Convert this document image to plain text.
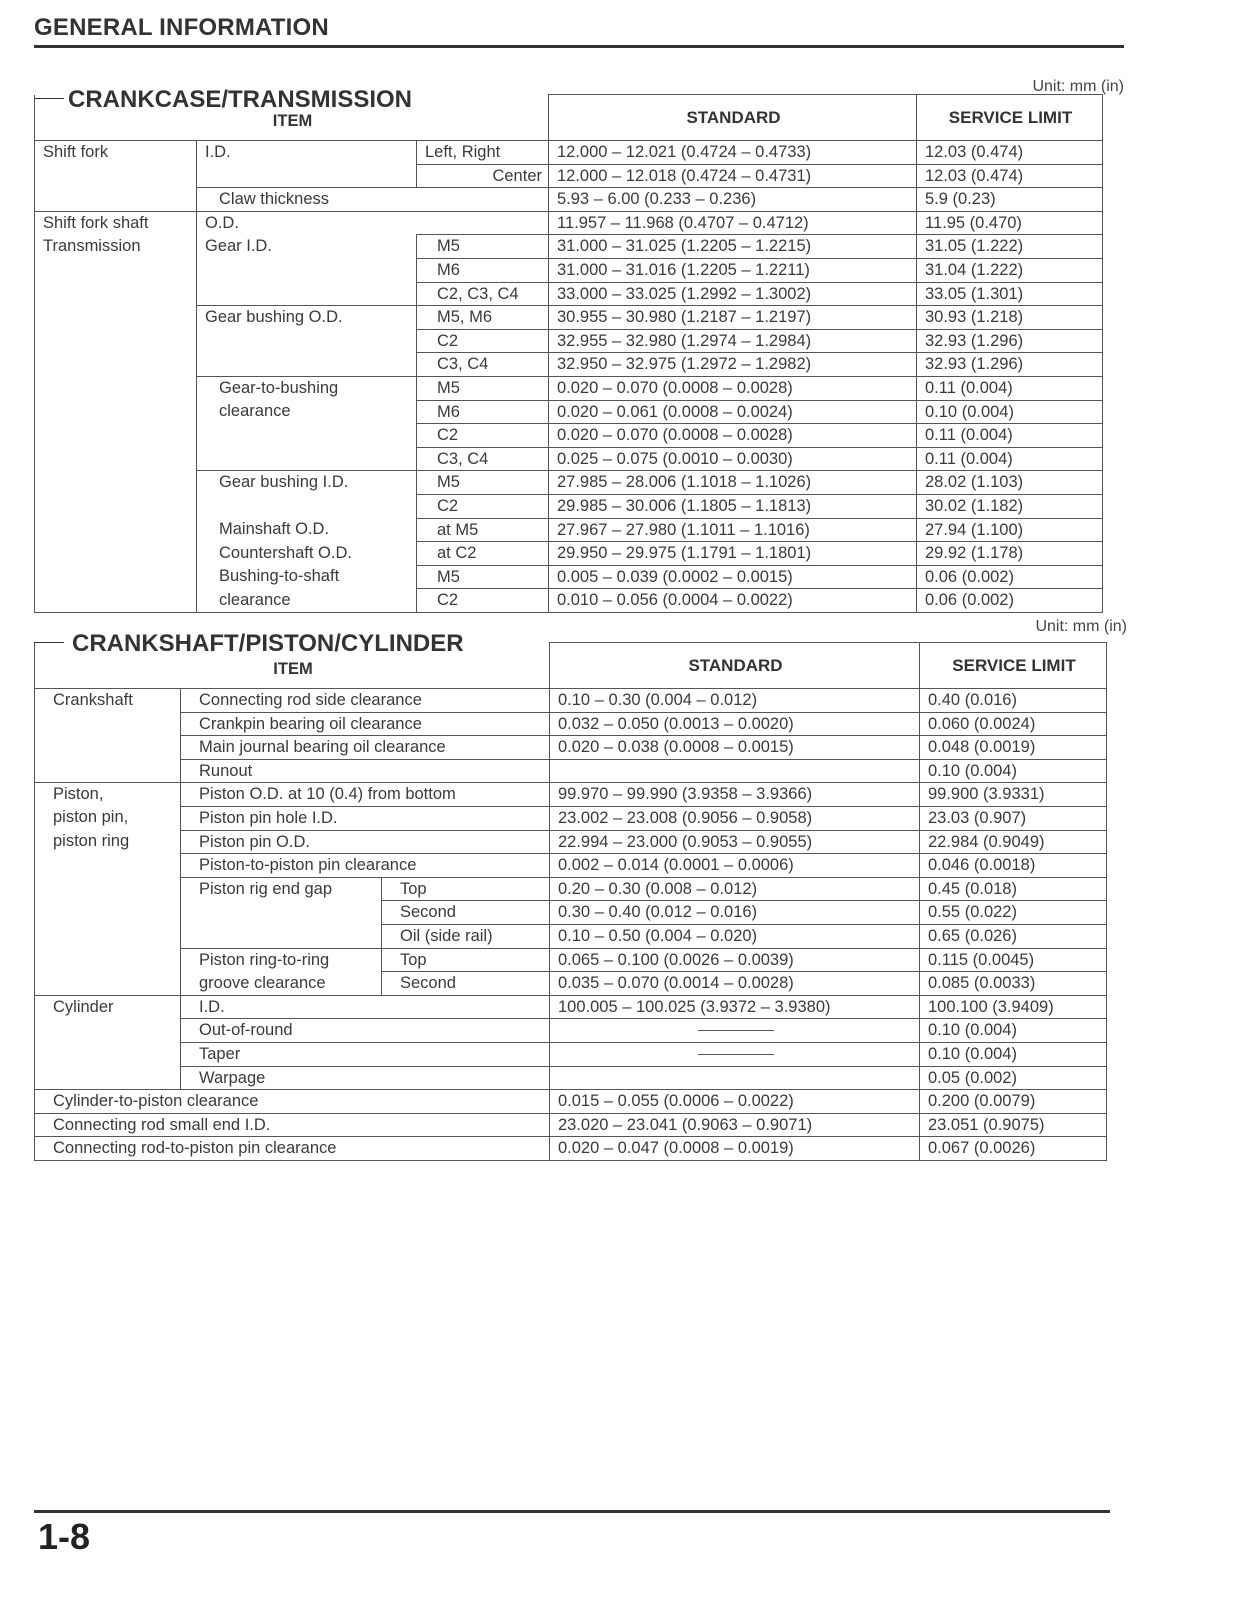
GENERAL INFORMATION
Unit: mm (in)
CRANKCASE/TRANSMISSION
ITEM			STANDARD	SERVICE LIMIT
Shift fork	I.D.	Left, Right	12.000 – 12.021 (0.4724 – 0.4733)	12.03 (0.474)
		Center	12.000 – 12.018 (0.4724 – 0.4731)	12.03 (0.474)
	Claw thickness		5.93 – 6.00 (0.233 – 0.236)	5.9 (0.23)
Shift fork shaft	O.D.		11.957 – 11.968 (0.4707 – 0.4712)	11.95 (0.470)
Transmission	Gear I.D.	M5	31.000 – 31.025 (1.2205 – 1.2215)	31.05 (1.222)
		M6	31.000 – 31.016 (1.2205 – 1.2211)	31.04 (1.222)
		C2, C3, C4	33.000 – 33.025 (1.2992 – 1.3002)	33.05 (1.301)
	Gear bushing O.D.	M5, M6	30.955 – 30.980 (1.2187 – 1.2197)	30.93 (1.218)
		C2	32.955 – 32.980 (1.2974 – 1.2984)	32.93 (1.296)
		C3, C4	32.950 – 32.975 (1.2972 – 1.2982)	32.93 (1.296)
	Gear-to-bushing	M5	0.020 – 0.070 (0.0008 – 0.0028)	0.11 (0.004)
	clearance	M6	0.020 – 0.061 (0.0008 – 0.0024)	0.10 (0.004)
		C2	0.020 – 0.070 (0.0008 – 0.0028)	0.11 (0.004)
		C3, C4	0.025 – 0.075 (0.0010 – 0.0030)	0.11 (0.004)
	Gear bushing I.D.	M5	27.985 – 28.006 (1.1018 – 1.1026)	28.02 (1.103)
		C2	29.985 – 30.006 (1.1805 – 1.1813)	30.02 (1.182)
	Mainshaft O.D.	at M5	27.967 – 27.980 (1.1011 – 1.1016)	27.94 (1.100)
	Countershaft O.D.	at C2	29.950 – 29.975 (1.1791 – 1.1801)	29.92 (1.178)
	Bushing-to-shaft	M5	0.005 – 0.039 (0.0002 – 0.0015)	0.06 (0.002)
	clearance	C2	0.010 – 0.056 (0.0004 – 0.0022)	0.06 (0.002)
Unit: mm (in)
CRANKSHAFT/PISTON/CYLINDER
ITEM			STANDARD	SERVICE LIMIT
Crankshaft	Connecting rod side clearance		0.10 – 0.30 (0.004 – 0.012)	0.40 (0.016)
	Crankpin bearing oil clearance		0.032 – 0.050 (0.0013 – 0.0020)	0.060 (0.0024)
	Main journal bearing oil clearance		0.020 – 0.038 (0.0008 – 0.0015)	0.048 (0.0019)
	Runout			0.10 (0.004)
Piston,	Piston O.D. at 10 (0.4) from bottom		99.970 – 99.990 (3.9358 – 3.9366)	99.900 (3.9331)
piston pin,	Piston pin hole I.D.		23.002 – 23.008 (0.9056 – 0.9058)	23.03 (0.907)
piston ring	Piston pin O.D.		22.994 – 23.000 (0.9053 – 0.9055)	22.984 (0.9049)
	Piston-to-piston pin clearance		0.002 – 0.014 (0.0001 – 0.0006)	0.046 (0.0018)
	Piston rig end gap	Top	0.20 – 0.30 (0.008 – 0.012)	0.45 (0.018)
		Second	0.30 – 0.40 (0.012 – 0.016)	0.55 (0.022)
		Oil (side rail)	0.10 – 0.50 (0.004 – 0.020)	0.65 (0.026)
	Piston ring-to-ring	Top	0.065 – 0.100 (0.0026 – 0.0039)	0.115 (0.0045)
	groove clearance	Second	0.035 – 0.070 (0.0014 – 0.0028)	0.085 (0.0033)
Cylinder	I.D.		100.005 – 100.025 (3.9372 – 3.9380)	100.100 (3.9409)
	Out-of-round			0.10 (0.004)
	Taper			0.10 (0.004)
	Warpage			0.05 (0.002)
Cylinder-to-piston clearance			0.015 – 0.055 (0.0006 – 0.0022)	0.200 (0.0079)
Connecting rod small end I.D.			23.020 – 23.041 (0.9063 – 0.9071)	23.051 (0.9075)
Connecting rod-to-piston pin clearance			0.020 – 0.047 (0.0008 – 0.0019)	0.067 (0.0026)
1-8
